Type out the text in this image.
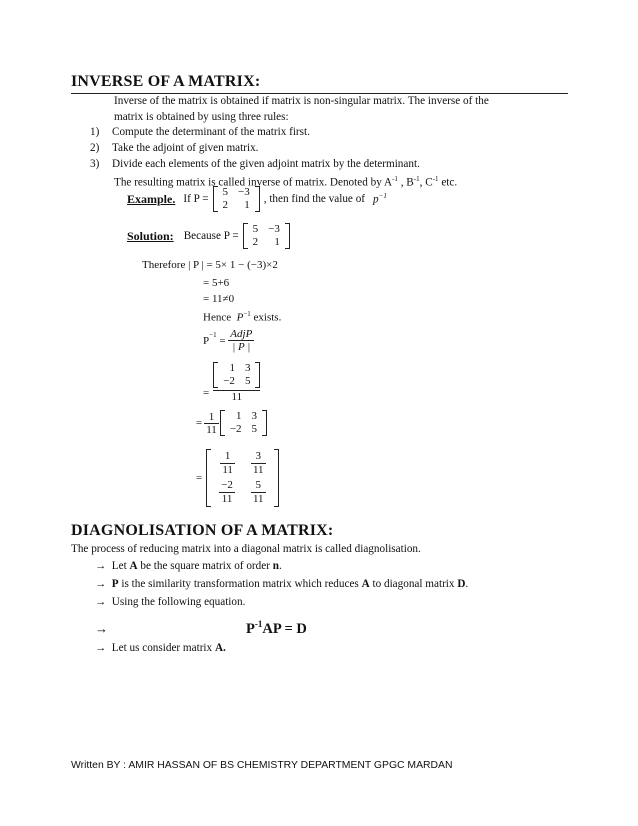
INVERSE OF A MATRIX:
Inverse of the matrix is obtained if matrix is non-singular matrix. The inverse of the
matrix is obtained by using three rules:
1) Compute the determinant of the matrix first.
2) Take the adjoint of given matrix.
3) Divide each elements of the given adjoint matrix by the determinant.
The resulting matrix is called inverse of matrix. Denoted by $A^{-1}$ , $B^{-1}$, $C^{-1}$ etc.
Example. If P =
5	−3
2	1 , then find the value of $p^{-1}$
Solution: Because P =
5	−3
2	1
Therefore | P | = 5× 1 − (−3)×2
= 5+6
= 11≠0
Hence $P^{-1}$ exists.
$P^{-1}$ =
AdjP
| P |
= 1	3
−2	5
11
= $\frac{1}{11} 1$	3
−2	5
=
$\frac{1}{11}$	$\frac{3}{11}$

$\frac{-2}{11}$	$\frac{5}{11}$
DIAGNOLISATION OF A MATRIX:
The process of reducing matrix into a diagonal matrix is called diagnolisation.
→ Let A be the square matrix of order n.
→ P is the similarity transformation matrix which reduces A to diagonal matrix D.
→ Using the following equation.
→	$P^{-1}AP = D$
→ Let us consider matrix A.
Written BY : AMIR HASSAN OF BS CHEMISTRY DEPARTMENT GPGC MARDAN
